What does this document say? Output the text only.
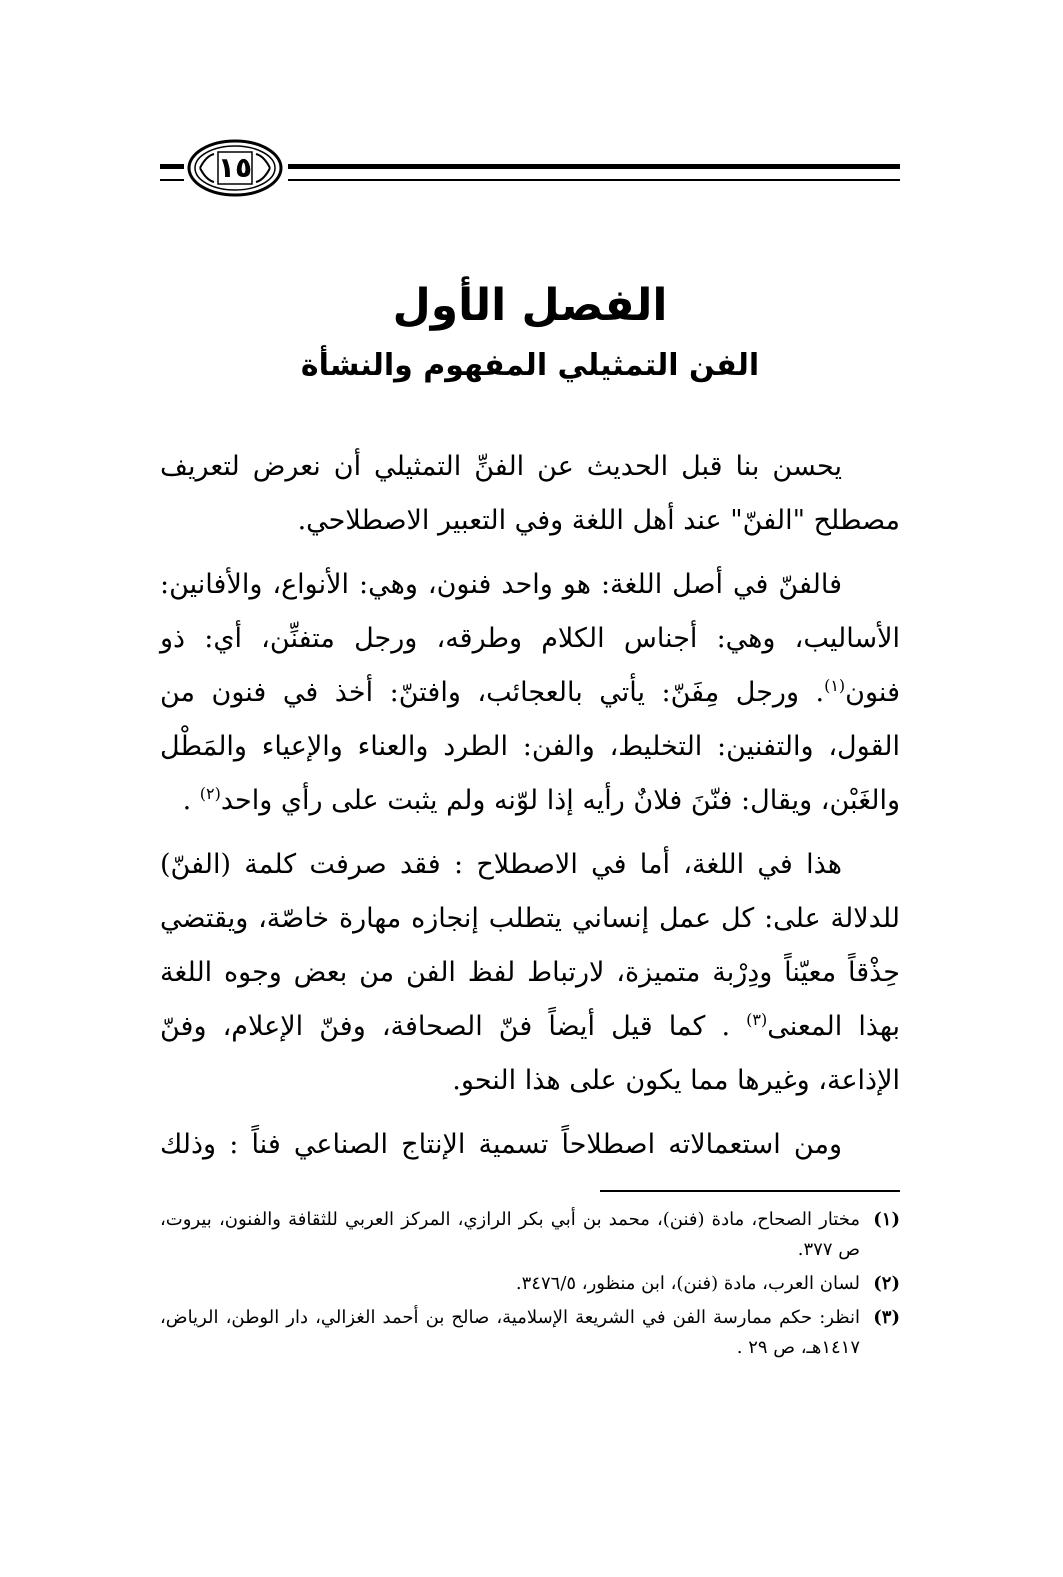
١٥
الفصل الأول
الفن التمثيلي المفهوم والنشأة

يحسن بنا قبل الحديث عن الفنِّ التمثيلي أن نعرض لتعريف مصطلح "الفنّ" عند أهل اللغة وفي التعبير الاصطلاحي.

فالفنّ في أصل اللغة: هو واحد فنون، وهي: الأنواع، والأفانين: الأساليب، وهي: أجناس الكلام وطرقه، ورجل متفنِّن، أي: ذو فنون$^{(١)}$. ورجل مِفَنّ: يأتي بالعجائب، وافتنّ: أخذ في فنون من القول، والتفنين: التخليط، والفن: الطرد والعناء والإعياء والمَطْل والغَبْن، ويقال: فنّنَ فلانٌ رأيه إذا لوّنه ولم يثبت على رأي واحد$^{(٢)}$ .

هذا في اللغة، أما في الاصطلاح : فقد صرفت كلمة (الفنّ) للدلالة على: كل عمل إنساني يتطلب إنجازه مهارة خاصّة، ويقتضي حِذْقاً معيّناً ودِرْبة متميزة، لارتباط لفظ الفن من بعض وجوه اللغة بهذا المعنى$^{(٣)}$ . كما قيل أيضاً فنّ الصحافة، وفنّ الإعلام، وفنّ الإذاعة، وغيرها مما يكون على هذا النحو.

ومن استعمالاته اصطلاحاً تسمية الإنتاج الصناعي فناً : وذلك

(١)
مختار الصحاح، مادة (فنن)، محمد بن أبي بكر الرازي، المركز العربي للثقافة والفنون، بيروت، ص ٣٧٧.
(٢)
لسان العرب، مادة (فنن)، ابن منظور، ٣٤٧٦/٥.
(٣)
انظر: حكم ممارسة الفن في الشريعة الإسلامية، صالح بن أحمد الغزالي، دار الوطن، الرياض، ١٤١٧هـ، ص ٢٩ .
